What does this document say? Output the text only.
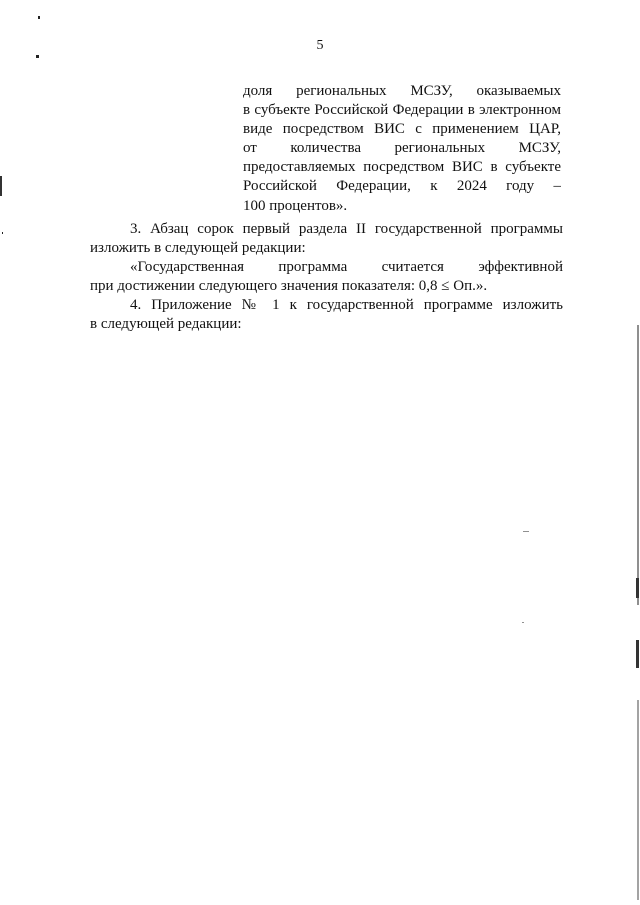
5
доля регионaльных МСЗУ, оказываемых
в субъекте Российской Федерации в электронном
виде посредством ВИС с применением ЦАР,
от количества региональных МСЗУ,
предоставляемых посредством ВИС в субъекте
Российской Федерации, к 2024 году –
100 процентов».
3. Абзац сорок первый раздела II государственной программы
изложить в следующей редакции:
«Государственная программа считается эффективной
при достижении следующего значения показателя: 0,8 ≤ Оп.».
4. Приложение № 1 к государственной программе изложить
в следующей редакции:
